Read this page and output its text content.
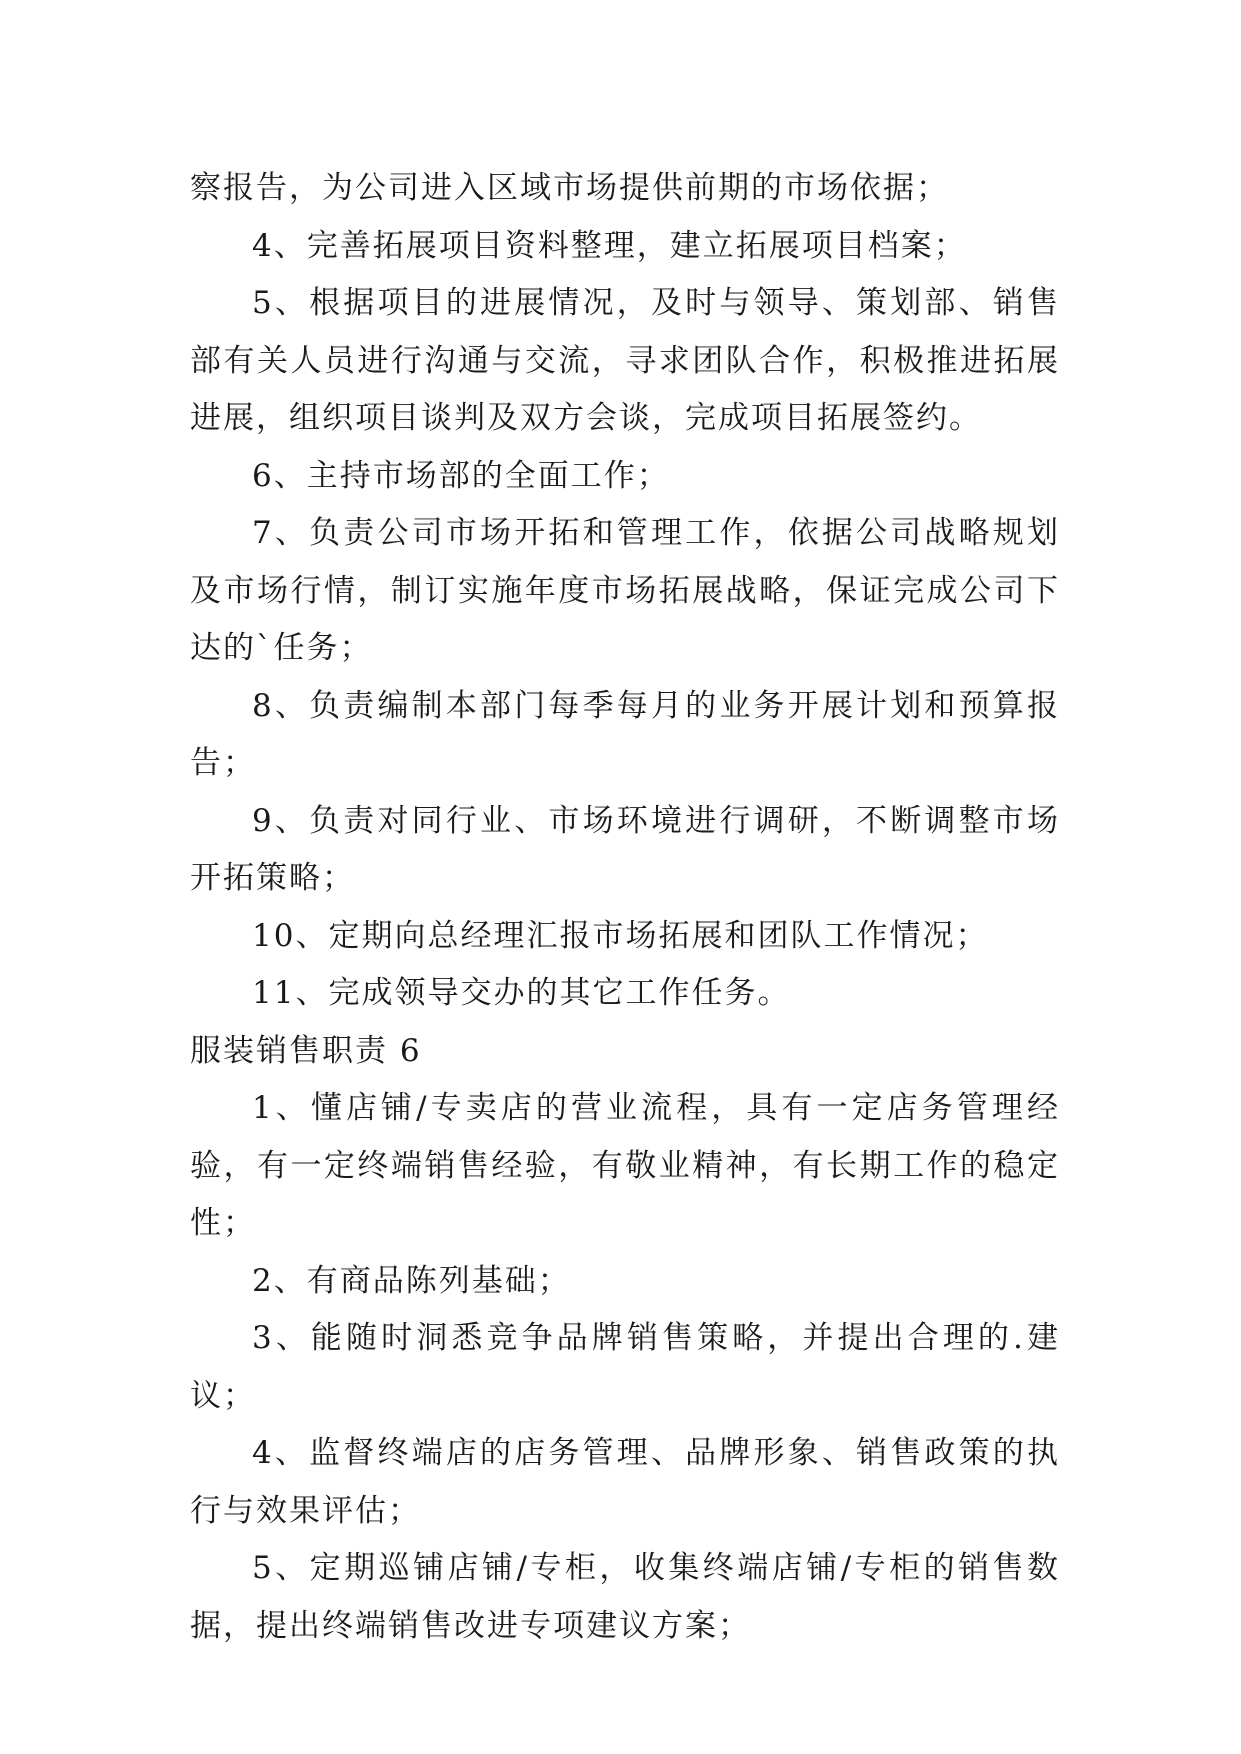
察报告，为公司进入区域市场提供前期的市场依据；

4、完善拓展项目资料整理，建立拓展项目档案；

5、根据项目的进展情况，及时与领导、策划部、销售部有关人员进行沟通与交流，寻求团队合作，积极推进拓展进展，组织项目谈判及双方会谈，完成项目拓展签约。

6、主持市场部的全面工作；

7、负责公司市场开拓和管理工作，依据公司战略规划及市场行情，制订实施年度市场拓展战略，保证完成公司下达的`任务；

8、负责编制本部门每季每月的业务开展计划和预算报告；

9、负责对同行业、市场环境进行调研，不断调整市场开拓策略；

10、定期向总经理汇报市场拓展和团队工作情况；

11、完成领导交办的其它工作任务。

服装销售职责 6

1、懂店铺/专卖店的营业流程，具有一定店务管理经验，有一定终端销售经验，有敬业精神，有长期工作的稳定性；

2、有商品陈列基础；

3、能随时洞悉竞争品牌销售策略，并提出合理的.建议；

4、监督终端店的店务管理、品牌形象、销售政策的执行与效果评估；

5、定期巡铺店铺/专柜，收集终端店铺/专柜的销售数据，提出终端销售改进专项建议方案；
